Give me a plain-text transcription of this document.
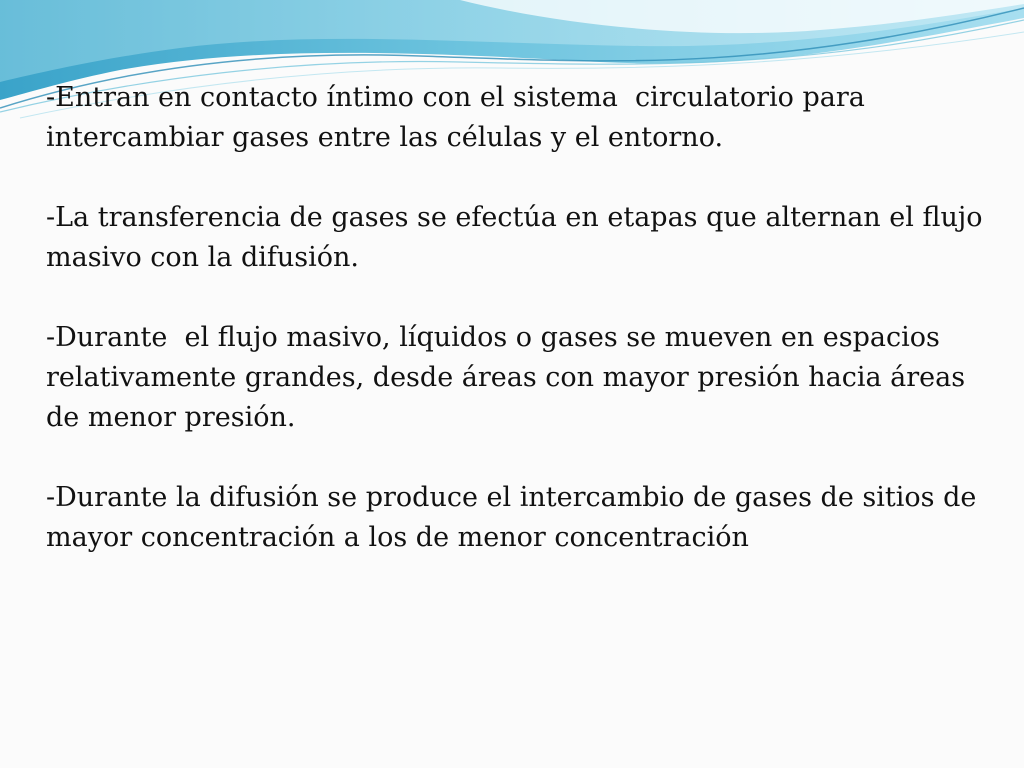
-Entran en contacto íntimo con el sistema  circulatorio para intercambiar gases entre las células y el entorno.

-La transferencia de gases se efectúa en etapas que alternan el flujo masivo con la difusión.

-Durante  el flujo masivo, líquidos o gases se mueven en espacios relativamente grandes, desde áreas con mayor presión hacia áreas de menor presión.

-Durante la difusión se produce el intercambio de gases de sitios de mayor concentración a los de menor concentración
